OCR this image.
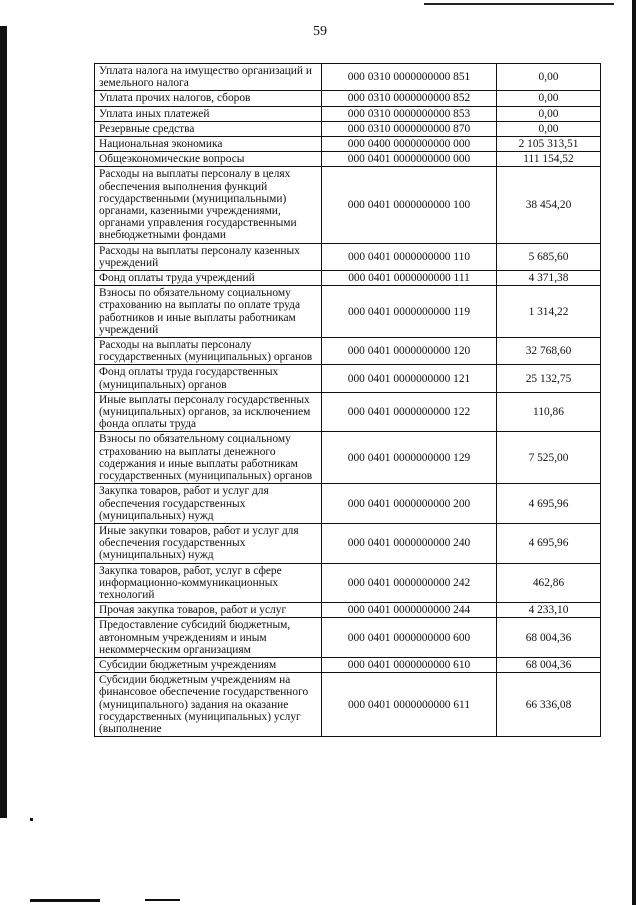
59
Уплата налога на имущество организаций и земельного налога	000 0310 0000000000 851	0,00
Уплата прочих налогов, сборов	000 0310 0000000000 852	0,00
Уплата иных платежей	000 0310 0000000000 853	0,00
Резервные средства	000 0310 0000000000 870	0,00
Национальная экономика	000 0400 0000000000 000	2 105 313,51
Общеэкономические вопросы	000 0401 0000000000 000	111 154,52
Расходы на выплаты персоналу в целях обеспечения выполнения функций государственными (муниципальными) органами, казенными учреждениями, органами управления государственными внебюджетными фондами	000 0401 0000000000 100	38 454,20
Расходы на выплаты персоналу казенных учреждений	000 0401 0000000000 110	5 685,60
Фонд оплаты труда учреждений	000 0401 0000000000 111	4 371,38
Взносы по обязательному социальному страхованию на выплаты по оплате труда работников и иные выплаты работникам учреждений	000 0401 0000000000 119	1 314,22
Расходы на выплаты персоналу государственных (муниципальных) органов	000 0401 0000000000 120	32 768,60
Фонд оплаты труда государственных (муниципальных) органов	000 0401 0000000000 121	25 132,75
Иные выплаты персоналу государственных (муниципальных) органов, за исключением фонда оплаты труда	000 0401 0000000000 122	110,86
Взносы по обязательному социальному страхованию на выплаты денежного содержания и иные выплаты работникам государственных (муниципальных) органов	000 0401 0000000000 129	7 525,00
Закупка товаров, работ и услуг для обеспечения государственных (муниципальных) нужд	000 0401 0000000000 200	4 695,96
Иные закупки товаров, работ и услуг для обеспечения государственных (муниципальных) нужд	000 0401 0000000000 240	4 695,96
Закупка товаров, работ, услуг в сфере информационно-коммуникационных технологий	000 0401 0000000000 242	462,86
Прочая закупка товаров, работ и услуг	000 0401 0000000000 244	4 233,10
Предоставление субсидий бюджетным, автономным учреждениям и иным некоммерческим организациям	000 0401 0000000000 600	68 004,36
Субсидии бюджетным учреждениям	000 0401 0000000000 610	68 004,36
Субсидии бюджетным учреждениям на финансовое обеспечение государственного (муниципального) задания на оказание государственных (муниципальных) услуг (выполнение	000 0401 0000000000 611	66 336,08
